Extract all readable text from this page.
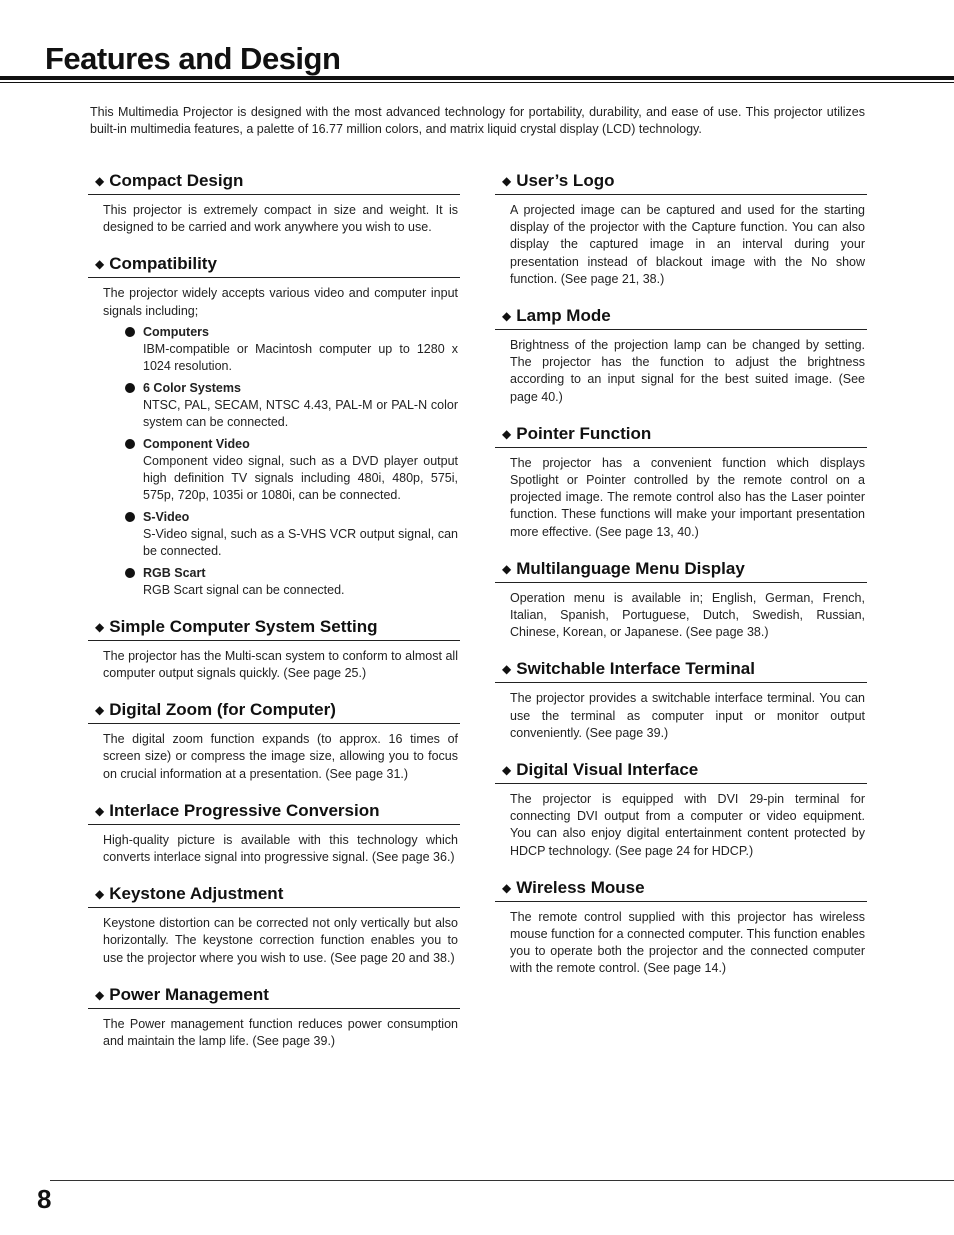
Features and Design

This Multimedia Projector is designed with the most advanced technology for portability, durability, and ease of use. This projector utilizes built-in multimedia features, a palette of 16.77 million colors, and matrix liquid crystal display (LCD) technology.

◆ Compact Design

This projector is extremely compact in size and weight. It is designed to be carried and work anywhere you wish to use.

◆ Compatibility

The projector widely accepts various video and computer input signals including;

Computers
IBM-compatible or Macintosh computer up to 1280 x 1024 resolution.
6 Color Systems
NTSC, PAL, SECAM, NTSC 4.43, PAL-M or PAL-N color system can be connected.
Component Video
Component video signal, such as a DVD player output high definition TV signals including 480i, 480p, 575i, 575p, 720p, 1035i or 1080i, can be connected.
S-Video
S-Video signal, such as a S-VHS VCR output signal, can be connected.
RGB Scart
RGB Scart signal can be connected.
◆ Simple Computer System Setting

The projector has the Multi-scan system to conform to almost all computer output signals quickly. (See page 25.)

◆ Digital Zoom (for Computer)

The digital zoom function expands (to approx. 16 times of screen size) or compress the image size, allowing you to focus on crucial information at a presentation. (See page 31.)

◆ Interlace Progressive Conversion

High-quality picture is available with this technology which converts interlace signal into progressive signal. (See page 36.)

◆ Keystone Adjustment

Keystone distortion can be corrected not only vertically but also horizontally. The keystone correction function enables you to use the projector where you wish to use. (See page 20 and 38.)

◆ Power Management

The Power management function reduces power consumption and maintain the lamp life. (See page 39.)

◆ User’s Logo

A projected image can be captured and used for the starting display of the projector with the Capture function. You can also display the captured image in an interval during your presentation instead of blackout image with the No show function. (See page 21, 38.)

◆ Lamp Mode

Brightness of the projection lamp can be changed by setting. The projector has the function to adjust the brightness according to an input signal for the best suited image. (See page 40.)

◆ Pointer Function

The projector has a convenient function which displays Spotlight or Pointer controlled by the remote control on a projected image. The remote control also has the Laser pointer function. These functions will make your important presentation more effective. (See page 13, 40.)

◆ Multilanguage Menu Display

Operation menu is available in; English, German, French, Italian, Spanish, Portuguese, Dutch, Swedish, Russian, Chinese, Korean, or Japanese. (See page 38.)

◆ Switchable Interface Terminal

The projector provides a switchable interface terminal. You can use the terminal as computer input or monitor output conveniently. (See page 39.)

◆ Digital Visual Interface

The projector is equipped with DVI 29-pin terminal for connecting DVI output from a computer or video equipment. You can also enjoy digital entertainment content protected by HDCP technology. (See page 24 for HDCP.)

◆ Wireless Mouse

The remote control supplied with this projector has wireless mouse function for a connected computer. This function enables you to operate both the projector and the connected computer with the remote control. (See page 14.)

8
